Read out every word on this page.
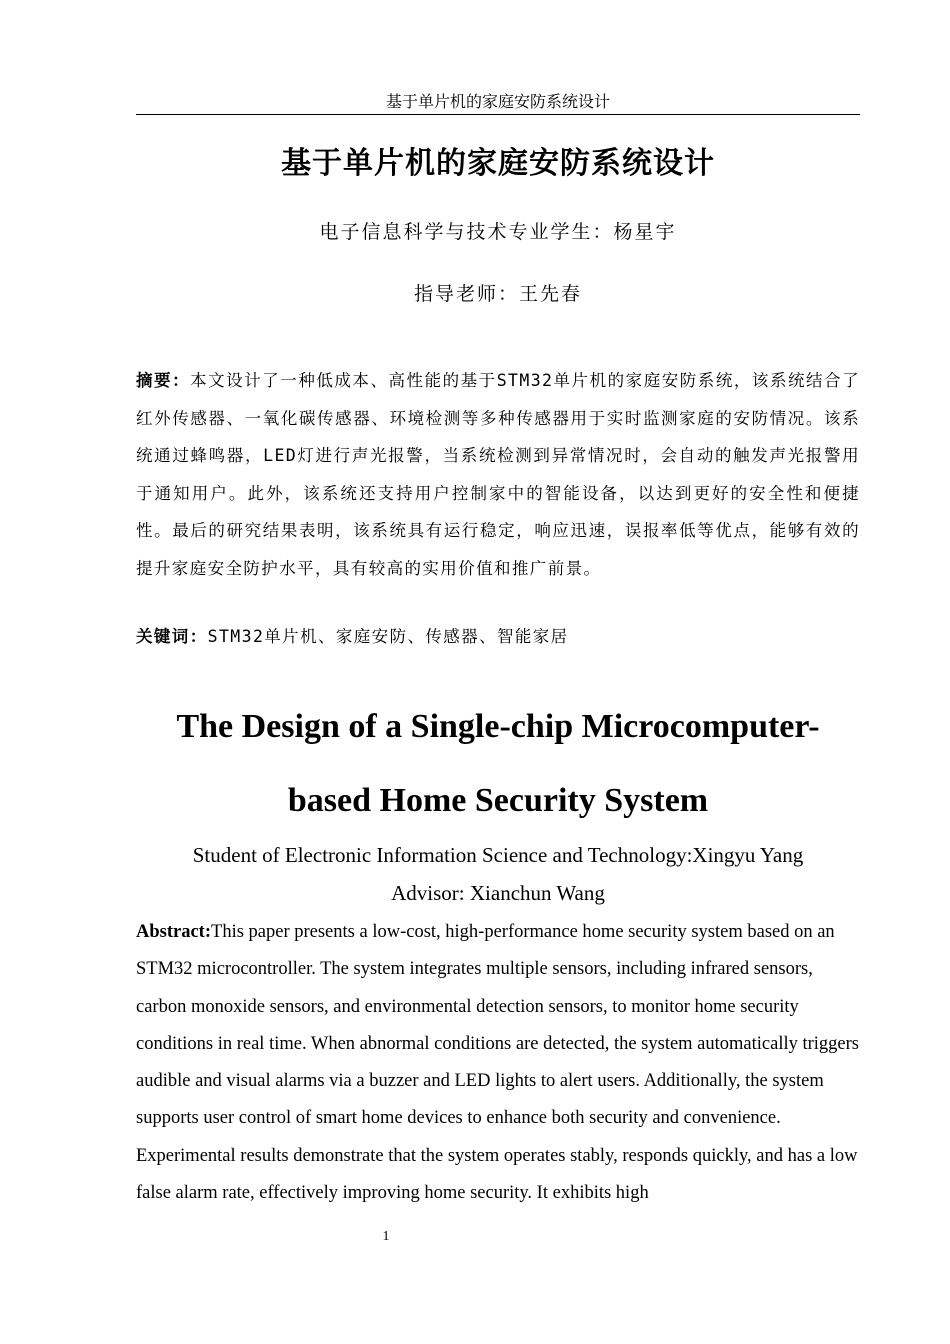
基于单片机的家庭安防系统设计
基于单片机的家庭安防系统设计
电子信息科学与技术专业学生：杨星宇
指导老师：王先春
摘要：本文设计了一种低成本、高性能的基于STM32单片机的家庭安防系统，该系统结合了红外传感器、一氧化碳传感器、环境检测等多种传感器用于实时监测家庭的安防情况。该系统通过蜂鸣器，LED灯进行声光报警，当系统检测到异常情况时，会自动的触发声光报警用于通知用户。此外，该系统还支持用户控制家中的智能设备，以达到更好的安全性和便捷性。最后的研究结果表明，该系统具有运行稳定，响应迅速，误报率低等优点，能够有效的提升家庭安全防护水平，具有较高的实用价值和推广前景。
关键词：STM32单片机、家庭安防、传感器、智能家居
The Design of a Single-chip Microcomputer-based Home Security System
Student of Electronic Information Science and Technology:Xingyu Yang
Advisor: Xianchun Wang
Abstract:This paper presents a low-cost, high-performance home security system based on an STM32 microcontroller. The system integrates multiple sensors, including infrared sensors, carbon monoxide sensors, and environmental detection sensors, to monitor home security conditions in real time. When abnormal conditions are detected, the system automatically triggers audible and visual alarms via a buzzer and LED lights to alert users. Additionally, the system supports user control of smart home devices to enhance both security and convenience. Experimental results demonstrate that the system operates stably, responds quickly, and has a low false alarm rate, effectively improving home security. It exhibits high
1
